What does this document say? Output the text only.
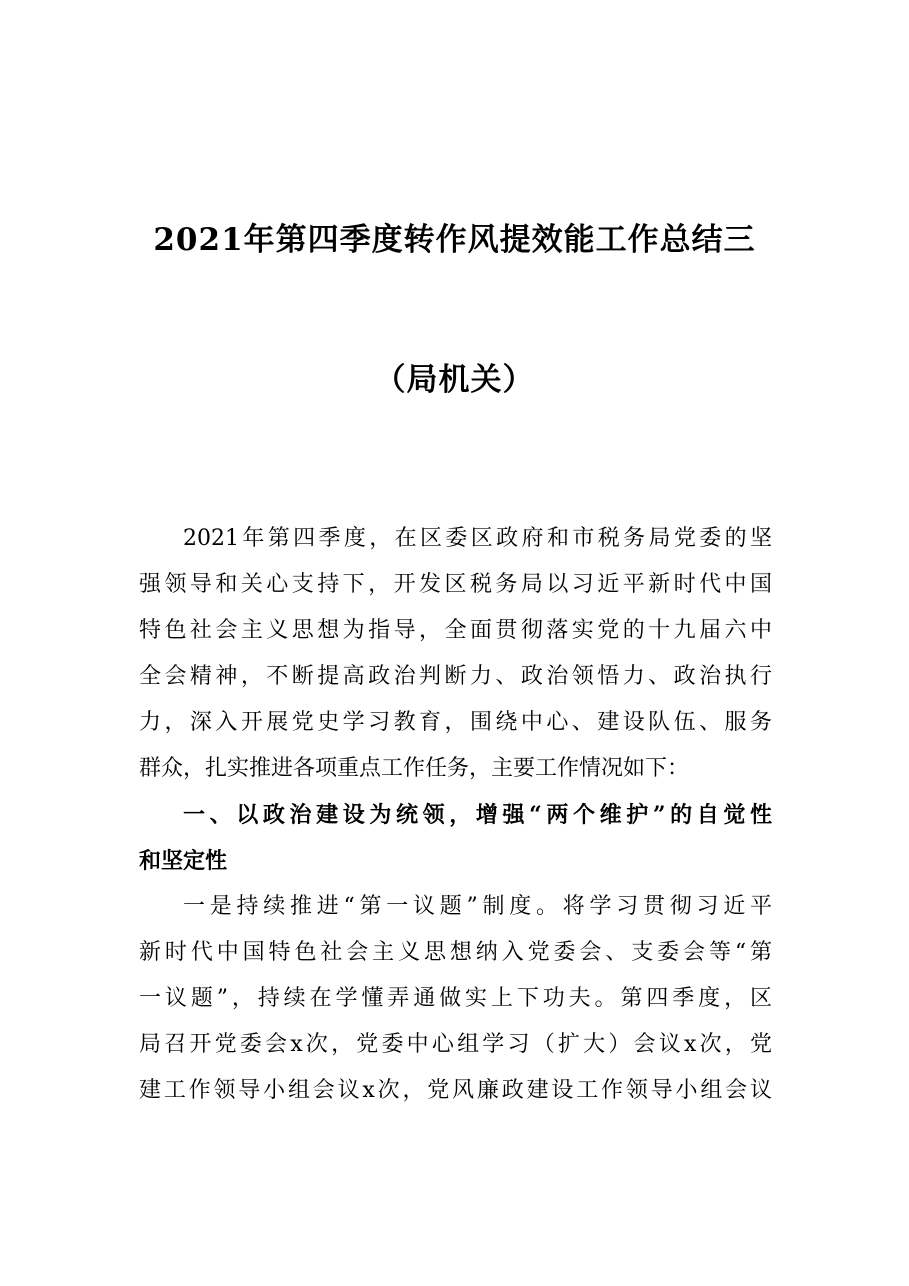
2021年第四季度转作风提效能工作总结三
（局机关）
2021年第四季度，在区委区政府和市税务局党委的坚
强领导和关心支持下，开发区税务局以习近平新时代中国
特色社会主义思想为指导，全面贯彻落实党的十九届六中
全会精神，不断提高政治判断力、政治领悟力、政治执行
力，深入开展党史学习教育，围绕中心、建设队伍、服务
群众，扎实推进各项重点工作任务，主要工作情况如下：
一、以政治建设为统领，增强“两个维护”的自觉性
和坚定性
一是持续推进“第一议题”制度。将学习贯彻习近平
新时代中国特色社会主义思想纳入党委会、支委会等“第
一议题”，持续在学懂弄通做实上下功夫。第四季度，区
局召开党委会x次，党委中心组学习（扩大）会议x次，党
建工作领导小组会议x次，党风廉政建设工作领导小组会议
